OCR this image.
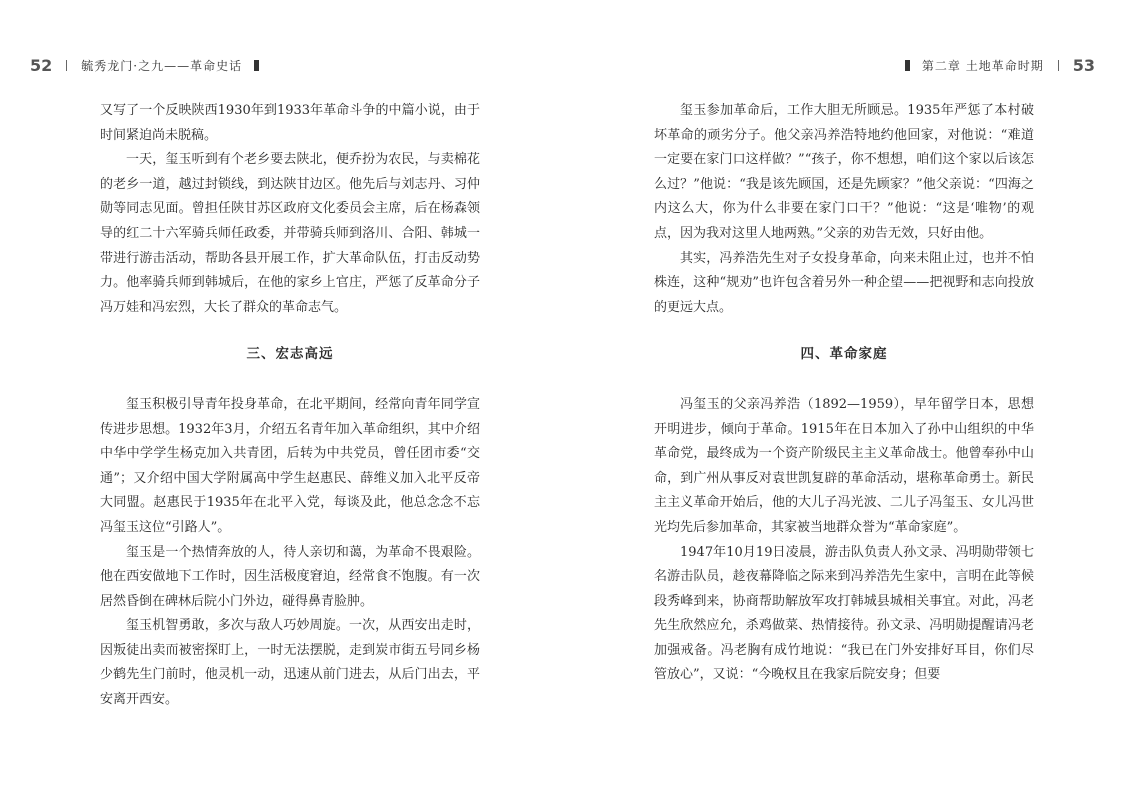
52 毓秀龙门·之九——革命史话

又写了一个反映陕西1930年到1933年革命斗争的中篇小说，由于时间紧迫尚未脱稿。

一天，玺玉听到有个老乡要去陕北，便乔扮为农民，与卖棉花的老乡一道，越过封锁线，到达陕甘边区。他先后与刘志丹、习仲勋等同志见面。曾担任陕甘苏区政府文化委员会主席，后在杨森领导的红二十六军骑兵师任政委，并带骑兵师到洛川、合阳、韩城一带进行游击活动，帮助各县开展工作，扩大革命队伍，打击反动势力。他率骑兵师到韩城后，在他的家乡上官庄，严惩了反革命分子冯万娃和冯宏烈，大长了群众的革命志气。

三、宏志高远

玺玉积极引导青年投身革命，在北平期间，经常向青年同学宣传进步思想。1932年3月，介绍五名青年加入革命组织，其中介绍中华中学学生杨克加入共青团，后转为中共党员，曾任团市委“交通”；又介绍中国大学附属高中学生赵惠民、薛维义加入北平反帝大同盟。赵惠民于1935年在北平入党，每谈及此，他总念念不忘冯玺玉这位“引路人”。

玺玉是一个热情奔放的人，待人亲切和蔼，为革命不畏艰险。他在西安做地下工作时，因生活极度窘迫，经常食不饱腹。有一次居然昏倒在碑林后院小门外边，碰得鼻青脸肿。

玺玉机智勇敢，多次与敌人巧妙周旋。一次，从西安出走时，因叛徒出卖而被密探盯上，一时无法摆脱，走到炭市街五号同乡杨少鹤先生门前时，他灵机一动，迅速从前门进去，从后门出去，平安离开西安。

第二章 土地革命时期 53

玺玉参加革命后，工作大胆无所顾忌。1935年严惩了本村破坏革命的顽劣分子。他父亲冯养浩特地约他回家，对他说：“难道一定要在家门口这样做？”“孩子，你不想想，咱们这个家以后该怎么过？”他说：“我是该先顾国，还是先顾家？”他父亲说：“四海之内这么大，你为什么非要在家门口干？”他说：“这是‘唯物’的观点，因为我对这里人地两熟。”父亲的劝告无效，只好由他。

其实，冯养浩先生对子女投身革命，向来未阻止过，也并不怕株连，这种“规劝”也许包含着另外一种企望——把视野和志向投放的更远大点。

四、革命家庭

冯玺玉的父亲冯养浩（1892—1959），早年留学日本，思想开明进步，倾向于革命。1915年在日本加入了孙中山组织的中华革命党，最终成为一个资产阶级民主主义革命战士。他曾奉孙中山命，到广州从事反对袁世凯复辟的革命活动，堪称革命勇士。新民主主义革命开始后，他的大儿子冯光波、二儿子冯玺玉、女儿冯世光均先后参加革命，其家被当地群众誉为“革命家庭”。

1947年10月19日凌晨，游击队负责人孙文录、冯明勋带领七名游击队员，趁夜幕降临之际来到冯养浩先生家中，言明在此等候段秀峰到来，协商帮助解放军攻打韩城县城相关事宜。对此，冯老先生欣然应允，杀鸡做菜、热情接待。孙文录、冯明勋提醒请冯老加强戒备。冯老胸有成竹地说：“我已在门外安排好耳目，你们尽管放心”，又说：“今晚权且在我家后院安身；但要
